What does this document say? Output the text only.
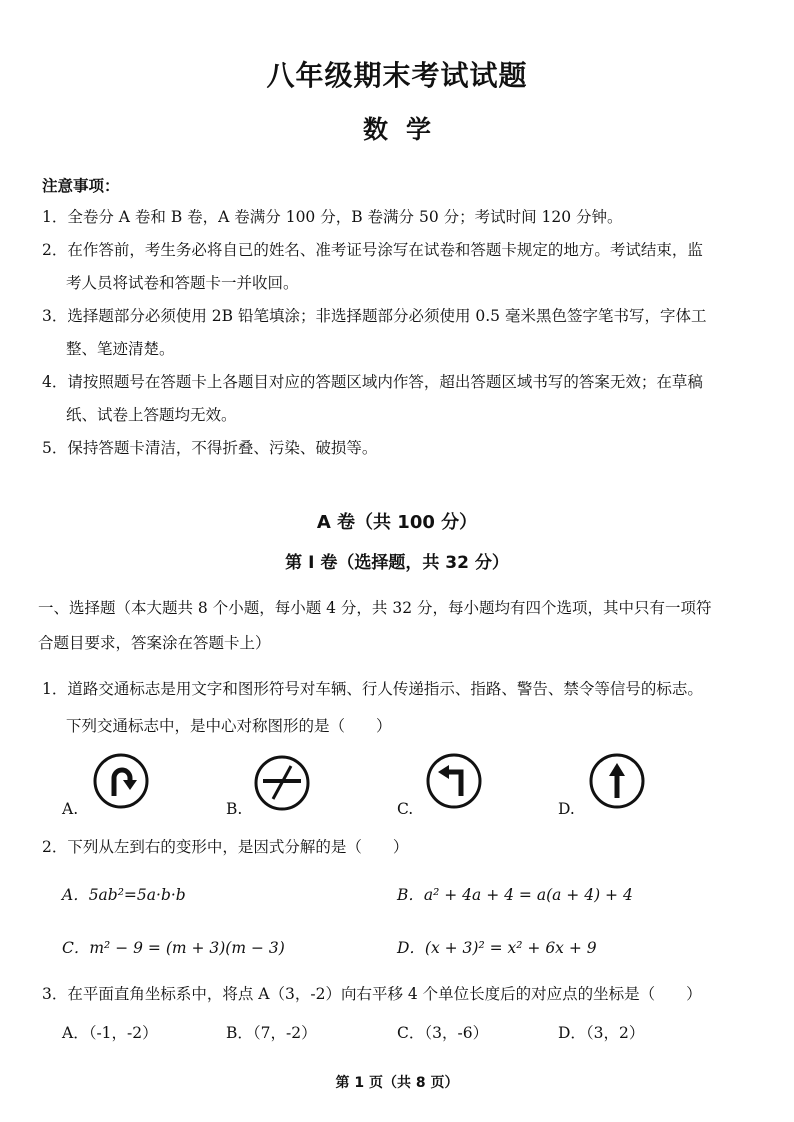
八年级期末考试试题
数学
注意事项：
1．全卷分 A 卷和 B 卷，A 卷满分 100 分，B 卷满分 50 分；考试时间 120 分钟。
2．在作答前，考生务必将自已的姓名、准考证号涂写在试卷和答题卡规定的地方。考试结束，监
考人员将试卷和答题卡一并收回。
3．选择题部分必须使用 2B 铅笔填涂；非选择题部分必须使用 0.5 毫米黑色签字笔书写，字体工
整、笔迹清楚。
4．请按照题号在答题卡上各题目对应的答题区域内作答，超出答题区域书写的答案无效；在草稿
纸、试卷上答题均无效。
5．保持答题卡清洁，不得折叠、污染、破损等。
A 卷（共 100 分）
第 I 卷（选择题，共 32 分）
一、选择题（本大题共 8 个小题，每小题 4 分，共 32 分，每小题均有四个选项，其中只有一项符
合题目要求，答案涂在答题卡上）
1．道路交通标志是用文字和图形符号对车辆、行人传递指示、指路、警告、禁令等信号的标志。
下列交通标志中，是中心对称图形的是（　　）
A.	B.	C.	D.
2．下列从左到右的变形中，是因式分解的是（　　）
A．5ab²=5a·b·b	B．a² + 4a + 4 = a(a + 4) + 4
C．m² − 9 = (m + 3)(m − 3)	D．(x + 3)² = x² + 6x + 9
3．在平面直角坐标系中，将点 A（3，-2）向右平移 4 个单位长度后的对应点的坐标是（　　）
A．（-1，-2）	B．（7，-2）	C．（3，-6）	D．（3，2）
第 1 页（共 8 页）
